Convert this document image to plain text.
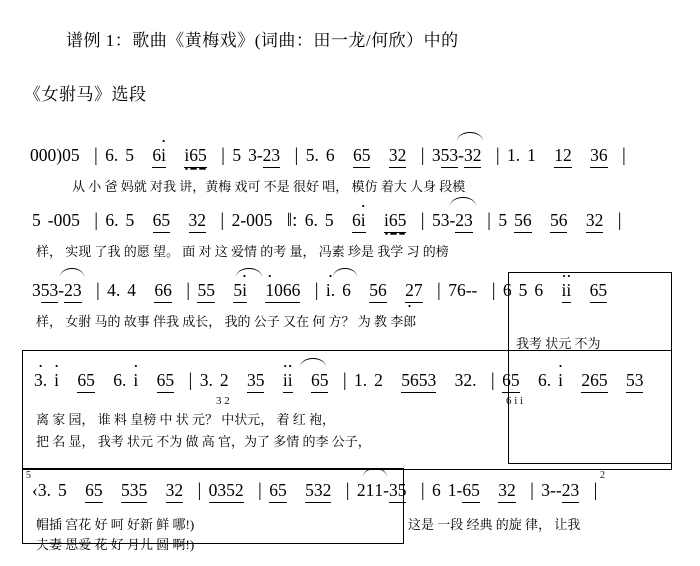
谱例 1：歌曲《黄梅戏》(词曲：田一龙/何欣）中的
《女驸马》选段
000)05 | 6. 5 6· i i65 | 5 3-23 | 5. 6 65 32 | 353-32 | 1. 1 12 36 |
从 小 爸 妈就 对我 讲，黄梅 戏可 不是 很好 唱， 模仿 着大 人身 段模
5 -005 | 6. 5 65 32 | 2-005 ‖: 6. 5 6· i i65 | 53-23 | 5 56 56 32 |
样， 实现 了我 的愿 望。 面 对 这 爱情 的考 量， 冯素 珍是 我学 习 的榜
353-23 | 4. 4 66 | 55 5· i · 1066 | · i. 6 56 2 ·7 | 76-- | 6 5 6 · i· i 65
样， 女驸 马的 故事 伴我 成长， 我的 公子 又在 何 方？ 为 教 李郎
我考 状元 不为
· 3. · i 65 6. · i 65 | 3. 2 35 · i· i 65 | 1. 2 5653 32. | 65 6. · i 265 53
3 2	6 i i
离 家 园， 谁 料 皇榜 中 状 元？ 中状元， 着 红 袍，
把 名 显， 我考 状元 不为 做 高 官，为了 多情 的李 公子，
5	2
‹3. 5 65 535 32 | 0352 | 65 532 | 211-35 | 6 1-65 32 | 3--23 |
帽插 宫花 好 呵 好新 鲜 哪!)
夫妻 恩爱 花 好 月儿 圆 啊!)
这是 一段 经典 的旋 律， 让我
